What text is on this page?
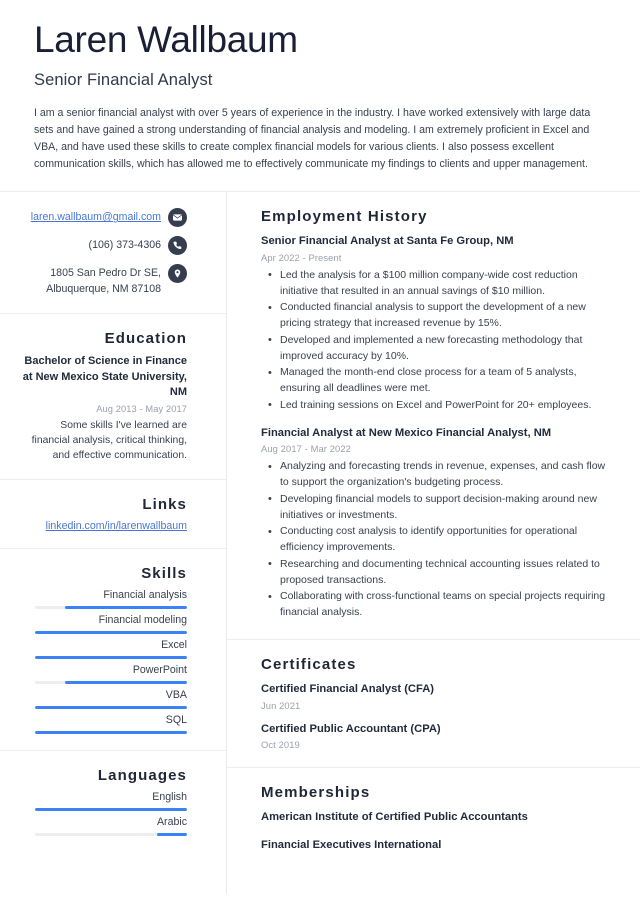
Laren Wallbaum
Senior Financial Analyst
I am a senior financial analyst with over 5 years of experience in the industry. I have worked extensively with large data sets and have gained a strong understanding of financial analysis and modeling. I am extremely proficient in Excel and VBA, and have used these skills to create complex financial models for various clients. I also possess excellent communication skills, which has allowed me to effectively communicate my findings to clients and upper management.
laren.wallbaum@gmail.com
(106) 373-4306
1805 San Pedro Dr SE,
Albuquerque, NM 87108
Education
Bachelor of Science in Finance at New Mexico State University, NM
Aug 2013 - May 2017
Some skills I've learned are financial analysis, critical thinking, and effective communication.
Links
linkedin.com/in/larenwallbaum
Skills
Financial analysis
Financial modeling
Excel
PowerPoint
VBA
SQL
Languages
English
Arabic
Employment History
Senior Financial Analyst at Santa Fe Group, NM
Apr 2022 - Present
• Led the analysis for a $100 million company-wide cost reduction initiative that resulted in an annual savings of $10 million.
• Conducted financial analysis to support the development of a new pricing strategy that increased revenue by 15%.
• Developed and implemented a new forecasting methodology that improved accuracy by 10%.
• Managed the month-end close process for a team of 5 analysts, ensuring all deadlines were met.
• Led training sessions on Excel and PowerPoint for 20+ employees.
Financial Analyst at New Mexico Financial Analyst, NM
Aug 2017 - Mar 2022
• Analyzing and forecasting trends in revenue, expenses, and cash flow to support the organization's budgeting process.
• Developing financial models to support decision-making around new initiatives or investments.
• Conducting cost analysis to identify opportunities for operational efficiency improvements.
• Researching and documenting technical accounting issues related to proposed transactions.
• Collaborating with cross-functional teams on special projects requiring financial analysis.
Certificates
Certified Financial Analyst (CFA)
Jun 2021
Certified Public Accountant (CPA)
Oct 2019
Memberships
American Institute of Certified Public Accountants
Financial Executives International
